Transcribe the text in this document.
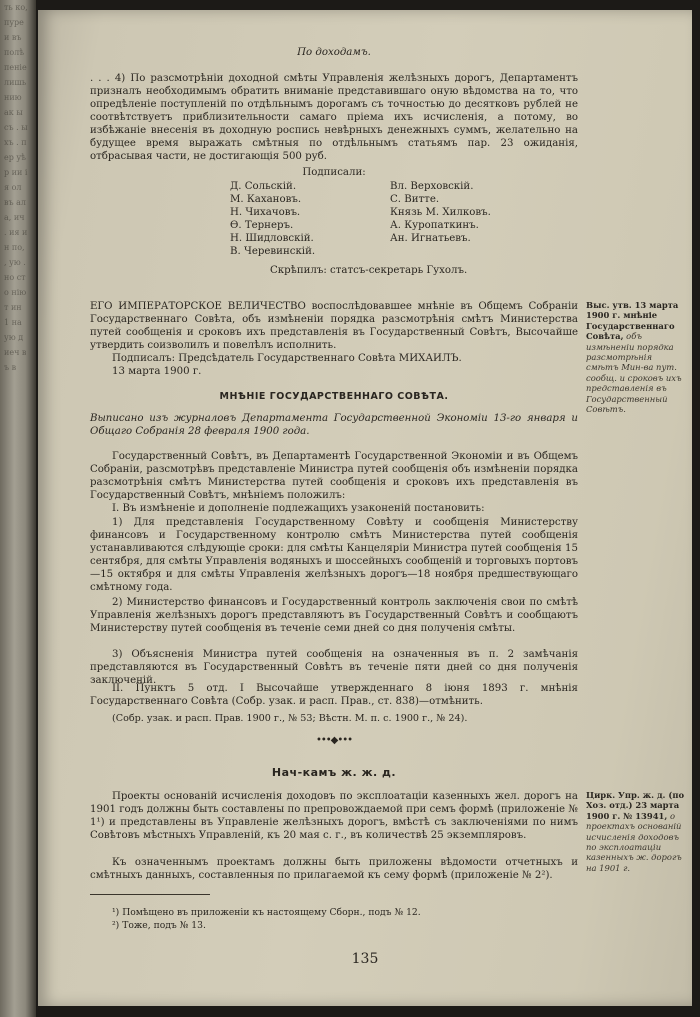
ть ко, пуре и въ полѣ пеніе лишь нию ак ы съ . ыхъ . пер уѣр ии ія ол въ ала, ич . ия ин по, , ую . но сто нію т ин 1 на ую д иеч въ в
По доходамъ.

. . . 4) По разсмотрѣніи доходной смѣты Управленія желѣзныхъ дорогъ, Департаментъ призналъ необходимымъ обратить вниманіе представившаго оную вѣдомства на то, что опредѣленіе поступленій по отдѣльнымъ дорогамъ съ точностью до десятковъ рублей не соотвѣтствуетъ приблизительности самаго пріема ихъ исчисленія, а потому, во избѣжаніе внесенія въ доходную роспись невѣрныхъ денежныхъ суммъ, желательно на будущее время выражать смѣтныя по отдѣльнымъ статьямъ пар. 23 ожиданія, отбрасывая части, не достигающія 500 руб.

Подписали:
Д. Сольскій.
М. Кахановъ.
Н. Чихачовъ.
Ѳ. Тернеръ.
Н. Шидловскій.
В. Черевинскій.
Вл. Верховскій.
С. Витте.
Князь М. Хилковъ.
А. Куропаткинъ.
Ан. Игнатьевъ.
Скрѣпилъ: статсъ-секретарь Гухолъ.

ЕГО ИМПЕРАТОРСКОЕ ВЕЛИЧЕСТВО воспослѣдовавшее мнѣніе въ Общемъ Собраніи Государственнаго Совѣта, объ измѣненіи порядка разсмотрѣнія смѣтъ Министерства путей сообщенія и сроковъ ихъ представленія въ Государственный Совѣтъ, Высочайше утвердить соизволилъ и повелѣлъ исполнить.

Подписалъ: Предсѣдатель Государственнаго Совѣта МИХАИЛЪ.
13 марта 1900 г.
МНѢНІЕ ГОСУДАРСТВЕННАГО СОВѢТА.

Выписано изъ журналовъ Департамента Государственной Экономіи 13-го января и Общаго Собранія 28 февраля 1900 года.

Государственный Совѣтъ, въ Департаментѣ Государственной Экономіи и въ Общемъ Собраніи, разсмотрѣвъ представленіе Министра путей сообщенія объ измѣненіи порядка разсмотрѣнія смѣтъ Министерства путей сообщенія и сроковъ ихъ представленія въ Государственный Совѣтъ, мнѣніемъ положилъ:

I. Въ измѣненіе и дополненіе подлежащихъ узаконеній постановить:

1) Для представленія Государственному Совѣту и сообщенія Министерству финансовъ и Государственному контролю смѣтъ Министерства путей сообщенія устанавливаются слѣдующіе сроки: для смѣты Канцеляріи Министра путей сообщенія 15 сентября, для смѣты Управленія водяныхъ и шоссейныхъ сообщеній и торговыхъ портовъ—15 октября и для смѣты Управленія желѣзныхъ дорогъ—18 ноября предшествующаго смѣтному года.

2) Министерство финансовъ и Государственный контроль заключенія свои по смѣтѣ Управленія желѣзныхъ дорогъ представляютъ въ Государственный Совѣтъ и сообщаютъ Министерству путей сообщенія въ теченіе семи дней со дня полученія смѣты.

3) Объясненія Министра путей сообщенія на означенныя въ п. 2 замѣчанія представляются въ Государственный Совѣтъ въ теченіе пяти дней со дня полученія заключеній.

II. Пунктъ 5 отд. I Высочайше утвержденнаго 8 іюня 1893 г. мнѣнія Государственнаго Совѣта (Собр. узак. и расп. Прав., ст. 838)—отмѣнить.

(Собр. узак. и расп. Прав. 1900 г., № 53; Вѣстн. М. п. с. 1900 г., № 24).
•••◆•••
Нач-камъ ж. ж. д.

Проекты основаній исчисленія доходовъ по эксплоатаціи казенныхъ жел. дорогъ на 1901 годъ должны быть составлены по препровождаемой при семъ формѣ (приложеніе № 1¹) и представлены въ Управленіе желѣзныхъ дорогъ, вмѣстѣ съ заключеніями по нимъ Совѣтовъ мѣстныхъ Управленій, къ 20 мая с. г., въ количествѣ 25 экземпляровъ.

Къ означеннымъ проектамъ должны быть приложены вѣдомости отчетныхъ и смѣтныхъ данныхъ, составленныя по прилагаемой къ сему формѣ (приложеніе № 2²).

¹) Помѣщено въ приложеніи къ настоящему Сборн., подъ № 12.
²) Тоже, подъ № 13.
135
Выс. утв. 13 марта 1900 г. мнѣніе Государственнаго Совѣта, объ измѣненіи порядка разсмотрѣнія смѣтъ Мин-ва пут. сообщ. и сроковъ ихъ представленія въ Государственный Совѣтъ.
Цирк. Упр. ж. д. (по Хоз. отд.) 23 марта 1900 г. № 13941, о проектахъ основаній исчисленія доходовъ по эксплоатаціи казенныхъ ж. дорогъ на 1901 г.
